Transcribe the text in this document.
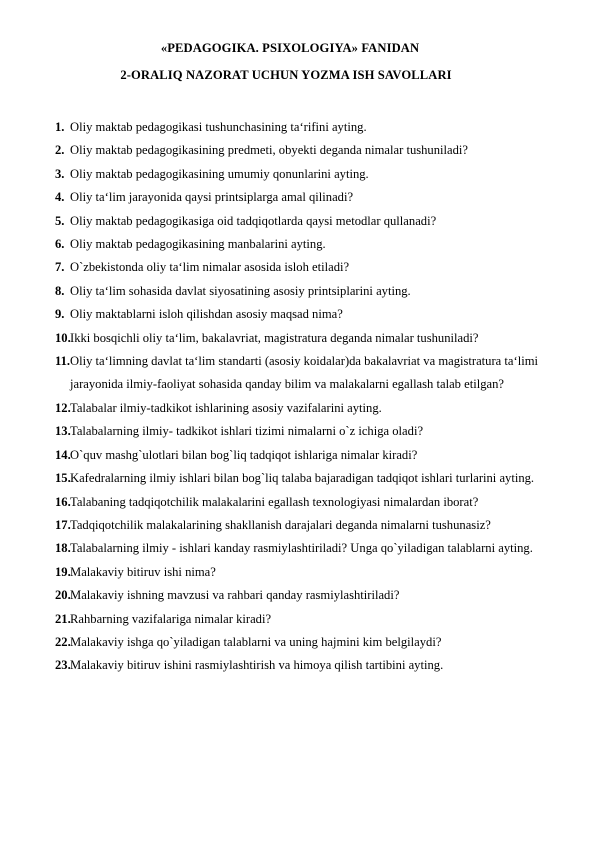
«PEDAGOGIKA. PSIXOLOGIYA» FANIDAN
2-ORALIQ NAZORAT UCHUN YOZMA ISH SAVOLLARI
1. Oliy maktab pedagogikasi tushunchasining ta‘rifini ayting.
2. Oliy maktab pedagogikasining predmeti, obyekti deganda nimalar tushuniladi?
3. Oliy maktab pedagogikasining umumiy qonunlarini ayting.
4. Oliy ta‘lim jarayonida qaysi printsiplarga amal qilinadi?
5. Oliy maktab pedagogikasiga oid tadqiqotlarda qaysi metodlar qullanadi?
6. Oliy maktab pedagogikasining manbalarini ayting.
7. O`zbekistonda oliy ta‘lim nimalar asosida isloh etiladi?
8. Oliy ta‘lim sohasida davlat siyosatining asosiy printsiplarini ayting.
9. Oliy maktablarni isloh qilishdan asosiy maqsad nima?
10. Ikki bosqichli oliy ta‘lim, bakalavriat, magistratura deganda nimalar tushuniladi?
11. Oliy ta‘limning davlat ta‘lim standarti (asosiy koidalar)da bakalavriat va magistratura ta‘limi jarayonida ilmiy-faoliyat sohasida qanday bilim va malakalarni egallash talab etilgan?
12. Talabalar ilmiy-tadkikot ishlarining asosiy vazifalarini ayting.
13. Talabalarning ilmiy- tadkikot ishlari tizimi nimalarni o`z ichiga oladi?
14. O`quv mashg`ulotlari bilan bog`liq tadqiqot ishlariga nimalar kiradi?
15. Kafedralarning ilmiy ishlari bilan bog`liq talaba bajaradigan tadqiqot ishlari turlarini ayting.
16. Talabaning tadqiqotchilik malakalarini egallash texnologiyasi nimalardan iborat?
17. Tadqiqotchilik malakalarining shakllanish darajalari deganda nimalarni tushunasiz?
18. Talabalarning ilmiy - ishlari kanday rasmiylashtiriladi? Unga qo`yiladigan talablarni ayting.
19. Malakaviy bitiruv ishi nima?
20. Malakaviy ishning mavzusi va rahbari qanday rasmiylashtiriladi?
21. Rahbarning vazifalariga nimalar kiradi?
22. Malakaviy ishga qo`yiladigan talablarni va uning hajmini kim belgilaydi?
23. Malakaviy bitiruv ishini rasmiylashtirish va himoya qilish tartibini ayting.
